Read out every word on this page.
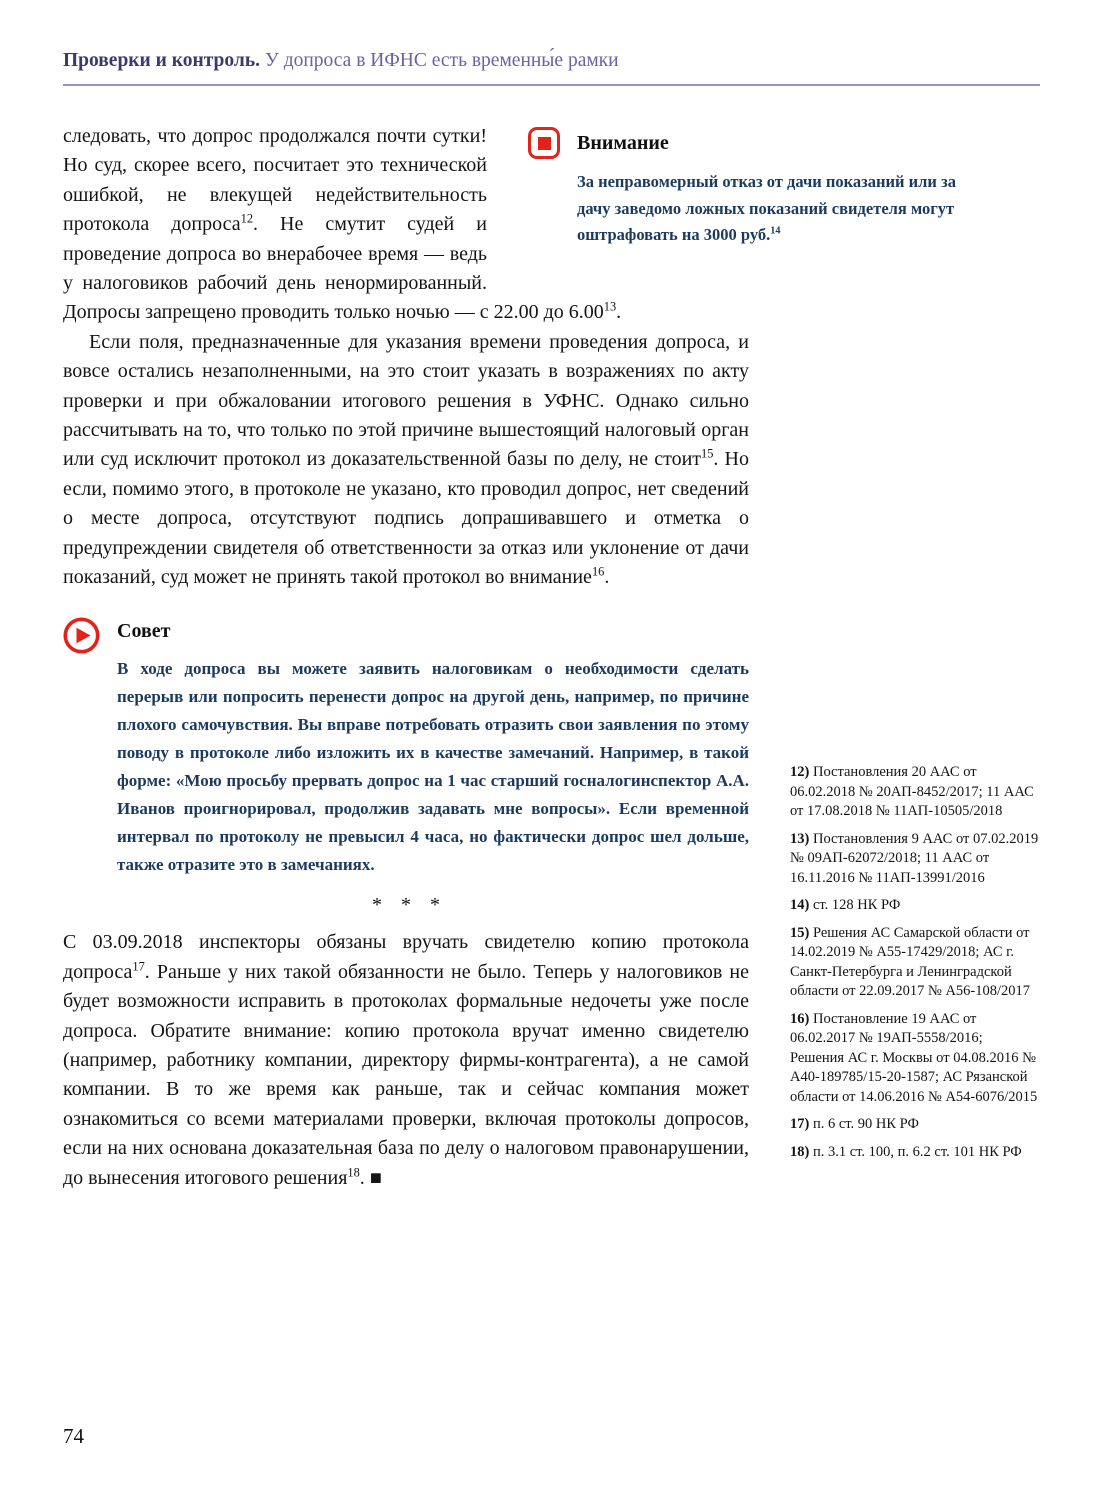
Проверки и контроль. У допроса в ИФНС есть временны́е рамки
Внимание

За неправомерный отказ от дачи показаний или за дачу заведомо ложных показаний свидетеля могут оштрафовать на 3000 руб.$^{14}$

следовать, что допрос продолжался почти сутки! Но суд, скорее всего, посчитает это технической ошибкой, не влекущей недействительность протокола допроса$^{12}$. Не смутит судей и проведение допроса во внерабочее время — ведь у налоговиков рабочий день ненормированный. Допросы запрещено проводить только ночью — с 22.00 до 6.00$^{13}$.

Если поля, предназначенные для указания времени проведения допроса, и вовсе остались незаполненными, на это стоит указать в возражениях по акту проверки и при обжаловании итогового решения в УФНС. Однако сильно рассчитывать на то, что только по этой причине вышестоящий налоговый орган или суд исключит протокол из доказательственной базы по делу, не стоит$^{15}$. Но если, помимо этого, в протоколе не указано, кто проводил допрос, нет сведений о месте допроса, отсутствуют подпись допрашивавшего и отметка о предупреждении свидетеля об ответственности за отказ или уклонение от дачи показаний, суд может не принять такой протокол во внимание$^{16}$.

Совет

В ходе допроса вы можете заявить налоговикам о необходимости сделать перерыв или попросить перенести допрос на другой день, например, по причине плохого самочувствия. Вы вправе потребовать отразить свои заявления по этому поводу в протоколе либо изложить их в качестве замечаний. Например, в такой форме: «Мою просьбу прервать допрос на 1 час старший госналогинспектор А.А. Иванов проигнорировал, продолжив задавать мне вопросы». Если временной интервал по протоколу не превысил 4 часа, но фактически допрос шел дольше, также отразите это в замечаниях.

* * *

С 03.09.2018 инспекторы обязаны вручать свидетелю копию протокола допроса$^{17}$. Раньше у них такой обязанности не было. Теперь у налоговиков не будет возможности исправить в протоколах формальные недочеты уже после допроса. Обратите внимание: копию протокола вручат именно свидетелю (например, работнику компании, директору фирмы-контрагента), а не самой компании. В то же время как раньше, так и сейчас компания может ознакомиться со всеми материалами проверки, включая протоколы допросов, если на них основана доказательная база по делу о налоговом правонарушении, до вынесения итогового решения$^{18}$. ■

12) Постановления 20 ААС от 06.02.2018 № 20АП-8452/2017; 11 ААС от 17.08.2018 № 11АП-10505/2018
13) Постановления 9 ААС от 07.02.2019 № 09АП-62072/2018; 11 ААС от 16.11.2016 № 11АП-13991/2016
14) ст. 128 НК РФ
15) Решения АС Самарской области от 14.02.2019 № А55-17429/2018; АС г. Санкт-Петербурга и Ленинградской области от 22.09.2017 № А56-108/2017
16) Постановление 19 ААС от 06.02.2017 № 19АП-5558/2016; Решения АС г. Москвы от 04.08.2016 № А40-189785/15-20-1587; АС Рязанской области от 14.06.2016 № А54-6076/2015
17) п. 6 ст. 90 НК РФ
18) п. 3.1 ст. 100, п. 6.2 ст. 101 НК РФ
74
